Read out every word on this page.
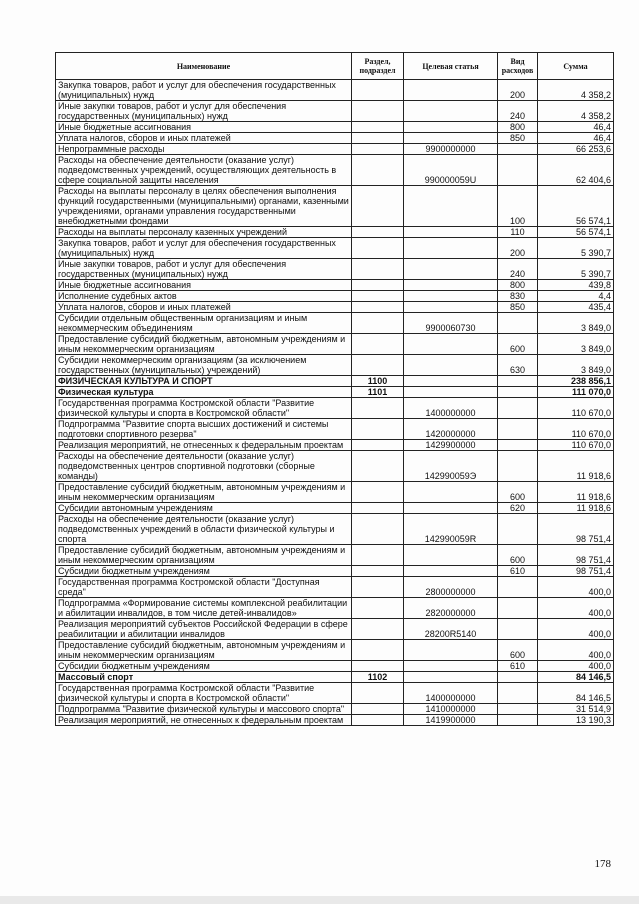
Наименование	Раздел, подраздел	Целевая статья	Вид расходов	Сумма
Закупка товаров, работ и услуг для обеспечения государственных (муниципальных) нужд			200	4 358,2
Иные закупки товаров, работ и услуг для обеспечения государственных (муниципальных) нужд			240	4 358,2
Иные бюджетные ассигнования			800	46,4
Уплата налогов, сборов и иных платежей			850	46,4
Непрограммные расходы		9900000000		66 253,6
Расходы на обеспечение деятельности (оказание услуг) подведомственных учреждений, осуществляющих деятельность в сфере социальной защиты населения		990000059U		62 404,6
Расходы на выплаты персоналу в целях обеспечения выполнения функций государственными (муниципальными) органами, казенными учреждениями, органами управления государственными внебюджетными фондами			100	56 574,1
Расходы на выплаты персоналу казенных учреждений			110	56 574,1
Закупка товаров, работ и услуг для обеспечения государственных (муниципальных) нужд			200	5 390,7
Иные закупки товаров, работ и услуг для обеспечения государственных (муниципальных) нужд			240	5 390,7
Иные бюджетные ассигнования			800	439,8
Исполнение судебных актов			830	4,4
Уплата налогов, сборов и иных платежей			850	435,4
Субсидии отдельным общественным организациям и иным некоммерческим объединениям		9900060730		3 849,0
Предоставление субсидий бюджетным, автономным учреждениям и иным некоммерческим организациям			600	3 849,0
Субсидии некоммерческим организациям (за исключением государственных (муниципальных) учреждений)			630	3 849,0
ФИЗИЧЕСКАЯ КУЛЬТУРА И СПОРТ	1100			238 856,1
Физическая культура	1101			111 070,0
Государственная программа Костромской области "Развитие физической культуры и спорта в Костромской области"		1400000000		110 670,0
Подпрограмма "Развитие спорта высших достижений и системы подготовки спортивного резерва"		1420000000		110 670,0
Реализация мероприятий, не отнесенных к федеральным проектам		1429900000		110 670,0
Расходы на обеспечение деятельности (оказание услуг) подведомственных центров спортивной подготовки (сборные команды)		142990059Э		11 918,6
Предоставление субсидий бюджетным, автономным учреждениям и иным некоммерческим организациям			600	11 918,6
Субсидии автономным учреждениям			620	11 918,6
Расходы на обеспечение деятельности (оказание услуг) подведомственных учреждений в области физической культуры и спорта		142990059R		98 751,4
Предоставление субсидий бюджетным, автономным учреждениям и иным некоммерческим организациям			600	98 751,4
Субсидии бюджетным учреждениям			610	98 751,4
Государственная программа Костромской области "Доступная среда"		2800000000		400,0
Подпрограмма «Формирование системы комплексной реабилитации и абилитации инвалидов, в том числе детей-инвалидов»		2820000000		400,0
Реализация мероприятий субъектов Российской Федерации в сфере реабилитации и абилитации инвалидов		28200R5140		400,0
Предоставление субсидий бюджетным, автономным учреждениям и иным некоммерческим организациям			600	400,0
Субсидии бюджетным учреждениям			610	400,0
Массовый спорт	1102			84 146,5
Государственная программа Костромской области "Развитие физической культуры и спорта в Костромской области"		1400000000		84 146,5
Подпрограмма "Развитие физической культуры и массового спорта"		1410000000		31 514,9
Реализация мероприятий, не отнесенных к федеральным проектам		1419900000		13 190,3
178
